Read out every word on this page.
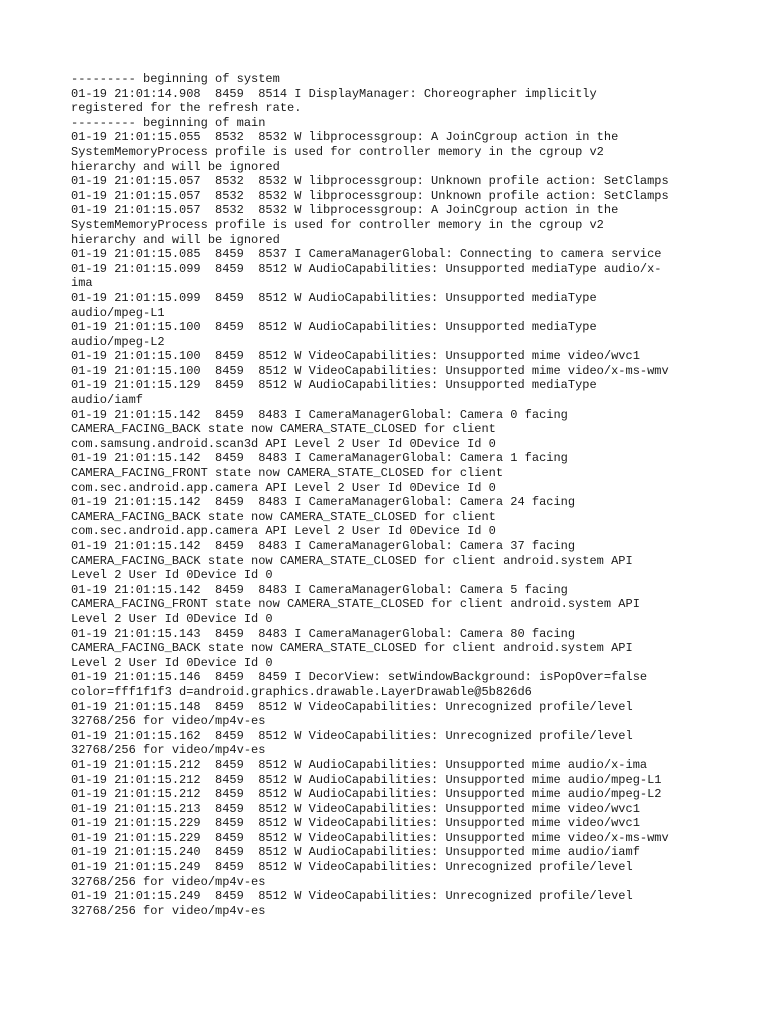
--------- beginning of system
01-19 21:01:14.908  8459  8514 I DisplayManager: Choreographer implicitly
registered for the refresh rate.
--------- beginning of main
01-19 21:01:15.055  8532  8532 W libprocessgroup: A JoinCgroup action in the
SystemMemoryProcess profile is used for controller memory in the cgroup v2
hierarchy and will be ignored
01-19 21:01:15.057  8532  8532 W libprocessgroup: Unknown profile action: SetClamps
01-19 21:01:15.057  8532  8532 W libprocessgroup: Unknown profile action: SetClamps
01-19 21:01:15.057  8532  8532 W libprocessgroup: A JoinCgroup action in the
SystemMemoryProcess profile is used for controller memory in the cgroup v2
hierarchy and will be ignored
01-19 21:01:15.085  8459  8537 I CameraManagerGlobal: Connecting to camera service
01-19 21:01:15.099  8459  8512 W AudioCapabilities: Unsupported mediaType audio/x-
ima
01-19 21:01:15.099  8459  8512 W AudioCapabilities: Unsupported mediaType
audio/mpeg-L1
01-19 21:01:15.100  8459  8512 W AudioCapabilities: Unsupported mediaType
audio/mpeg-L2
01-19 21:01:15.100  8459  8512 W VideoCapabilities: Unsupported mime video/wvc1
01-19 21:01:15.100  8459  8512 W VideoCapabilities: Unsupported mime video/x-ms-wmv
01-19 21:01:15.129  8459  8512 W AudioCapabilities: Unsupported mediaType
audio/iamf
01-19 21:01:15.142  8459  8483 I CameraManagerGlobal: Camera 0 facing
CAMERA_FACING_BACK state now CAMERA_STATE_CLOSED for client
com.samsung.android.scan3d API Level 2 User Id 0Device Id 0
01-19 21:01:15.142  8459  8483 I CameraManagerGlobal: Camera 1 facing
CAMERA_FACING_FRONT state now CAMERA_STATE_CLOSED for client
com.sec.android.app.camera API Level 2 User Id 0Device Id 0
01-19 21:01:15.142  8459  8483 I CameraManagerGlobal: Camera 24 facing
CAMERA_FACING_BACK state now CAMERA_STATE_CLOSED for client
com.sec.android.app.camera API Level 2 User Id 0Device Id 0
01-19 21:01:15.142  8459  8483 I CameraManagerGlobal: Camera 37 facing
CAMERA_FACING_BACK state now CAMERA_STATE_CLOSED for client android.system API
Level 2 User Id 0Device Id 0
01-19 21:01:15.142  8459  8483 I CameraManagerGlobal: Camera 5 facing
CAMERA_FACING_FRONT state now CAMERA_STATE_CLOSED for client android.system API
Level 2 User Id 0Device Id 0
01-19 21:01:15.143  8459  8483 I CameraManagerGlobal: Camera 80 facing
CAMERA_FACING_BACK state now CAMERA_STATE_CLOSED for client android.system API
Level 2 User Id 0Device Id 0
01-19 21:01:15.146  8459  8459 I DecorView: setWindowBackground: isPopOver=false
color=fff1f1f3 d=android.graphics.drawable.LayerDrawable@5b826d6
01-19 21:01:15.148  8459  8512 W VideoCapabilities: Unrecognized profile/level
32768/256 for video/mp4v-es
01-19 21:01:15.162  8459  8512 W VideoCapabilities: Unrecognized profile/level
32768/256 for video/mp4v-es
01-19 21:01:15.212  8459  8512 W AudioCapabilities: Unsupported mime audio/x-ima
01-19 21:01:15.212  8459  8512 W AudioCapabilities: Unsupported mime audio/mpeg-L1
01-19 21:01:15.212  8459  8512 W AudioCapabilities: Unsupported mime audio/mpeg-L2
01-19 21:01:15.213  8459  8512 W VideoCapabilities: Unsupported mime video/wvc1
01-19 21:01:15.229  8459  8512 W VideoCapabilities: Unsupported mime video/wvc1
01-19 21:01:15.229  8459  8512 W VideoCapabilities: Unsupported mime video/x-ms-wmv
01-19 21:01:15.240  8459  8512 W AudioCapabilities: Unsupported mime audio/iamf
01-19 21:01:15.249  8459  8512 W VideoCapabilities: Unrecognized profile/level
32768/256 for video/mp4v-es
01-19 21:01:15.249  8459  8512 W VideoCapabilities: Unrecognized profile/level
32768/256 for video/mp4v-es
